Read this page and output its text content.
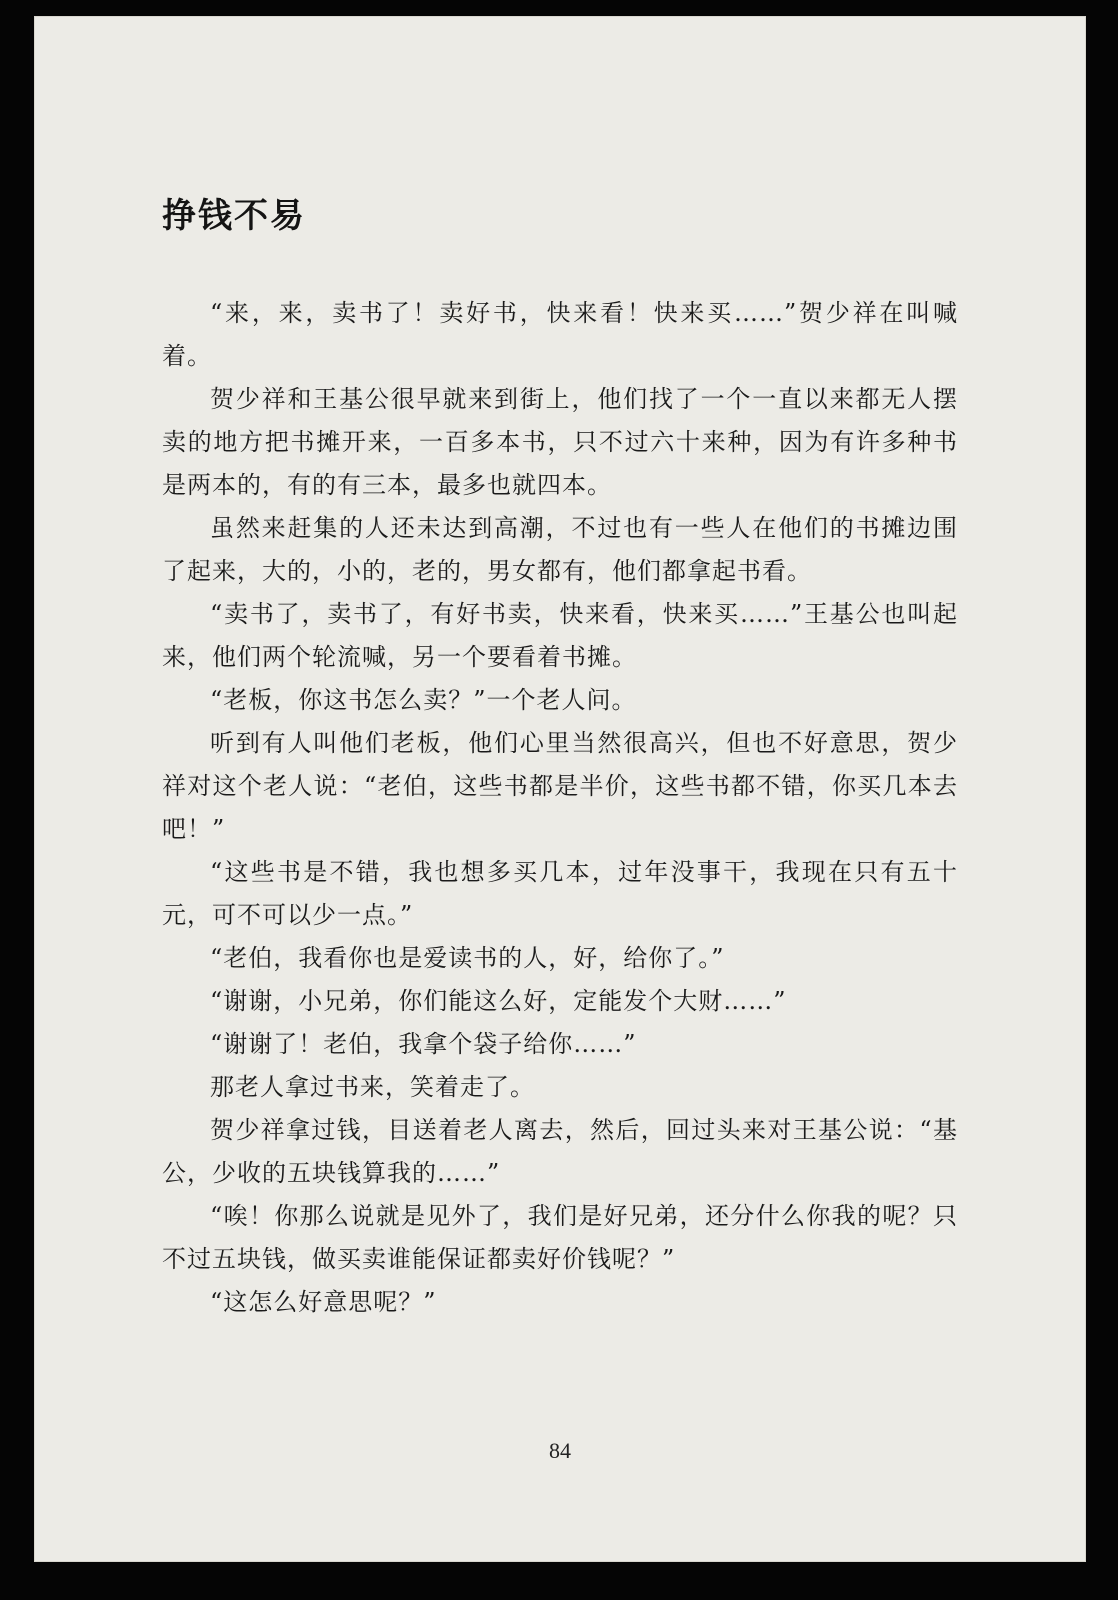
挣钱不易

“来，来，卖书了！卖好书，快来看！快来买……”贺少祥在叫喊着。

贺少祥和王基公很早就来到街上，他们找了一个一直以来都无人摆卖的地方把书摊开来，一百多本书，只不过六十来种，因为有许多种书是两本的，有的有三本，最多也就四本。

虽然来赶集的人还未达到高潮，不过也有一些人在他们的书摊边围了起来，大的，小的，老的，男女都有，他们都拿起书看。

“卖书了，卖书了，有好书卖，快来看，快来买……”王基公也叫起来，他们两个轮流喊，另一个要看着书摊。

“老板，你这书怎么卖？”一个老人问。

听到有人叫他们老板，他们心里当然很高兴，但也不好意思，贺少祥对这个老人说：“老伯，这些书都是半价，这些书都不错，你买几本去吧！”

“这些书是不错，我也想多买几本，过年没事干，我现在只有五十元，可不可以少一点。”

“老伯，我看你也是爱读书的人，好，给你了。”

“谢谢，小兄弟，你们能这么好，定能发个大财……”

“谢谢了！老伯，我拿个袋子给你……”

那老人拿过书来，笑着走了。

贺少祥拿过钱，目送着老人离去，然后，回过头来对王基公说：“基公，少收的五块钱算我的……”

“唉！你那么说就是见外了，我们是好兄弟，还分什么你我的呢？只不过五块钱，做买卖谁能保证都卖好价钱呢？”

“这怎么好意思呢？”

84
